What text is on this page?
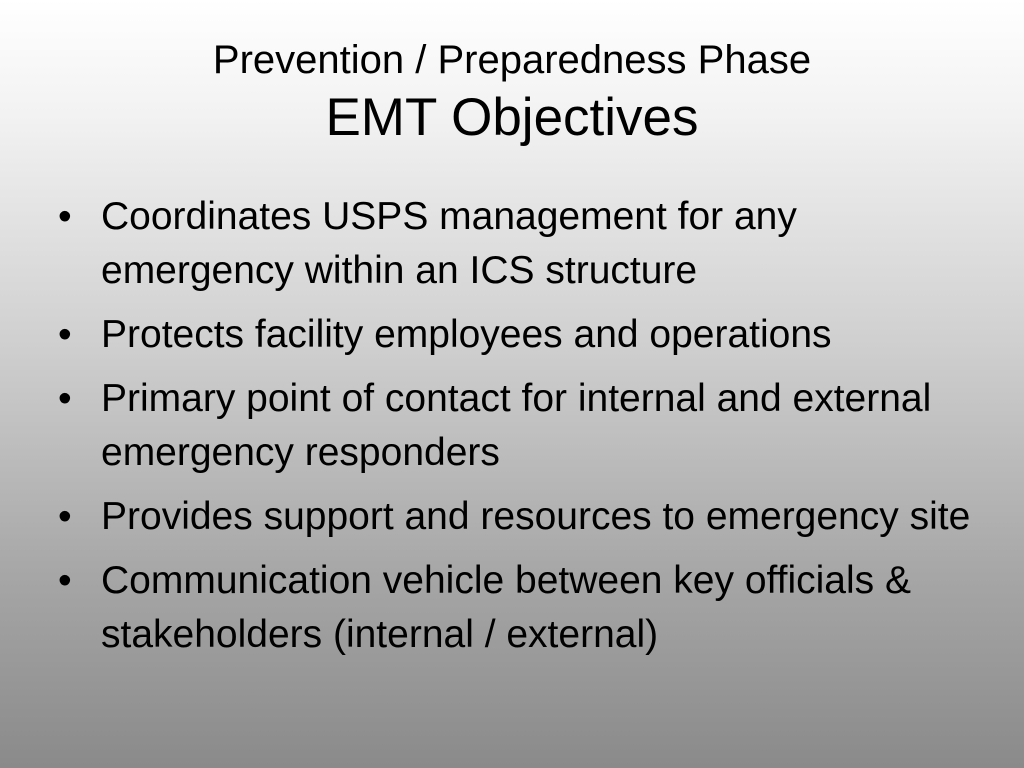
Prevention / Preparedness Phase
EMT Objectives
• Coordinates USPS management for any emergency within an ICS structure
• Protects facility employees and operations
• Primary point of contact for internal and external emergency responders
• Provides support and resources to emergency site
• Communication vehicle between key officials & stakeholders (internal / external)
